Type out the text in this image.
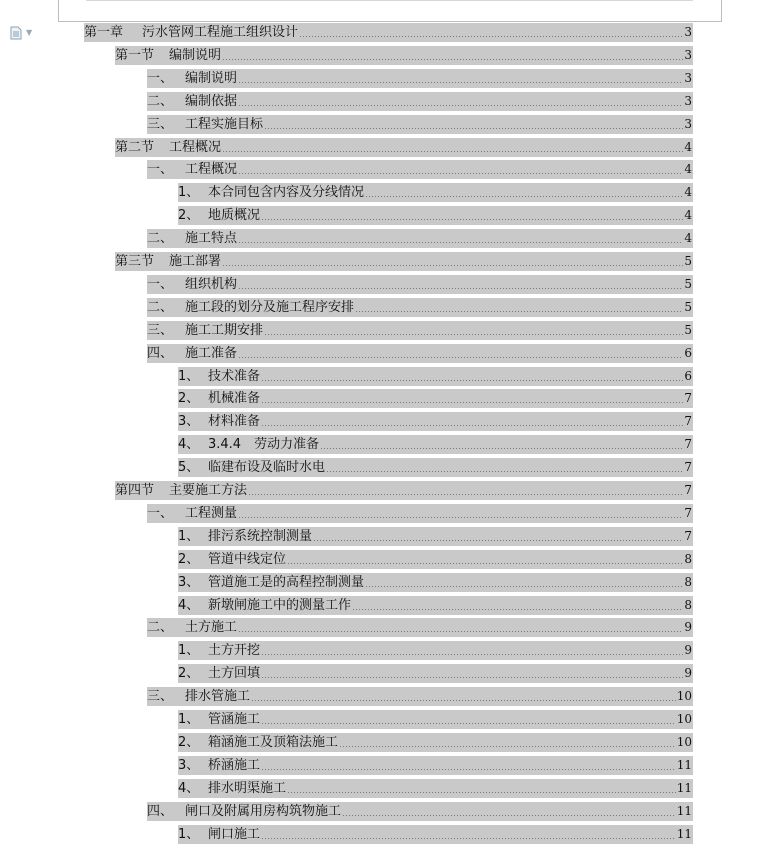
▼	第一章	污水管网工程施工组织设计	3
第一节	编制说明	3
一、 编制说明	3
二、 编制依据	3
三、 工程实施目标	3
第二节	工程概况	4
一、 工程概况	4
1、 本合同包含内容及分线情况	4
2、 地质概况	4
二、 施工特点	4
第三节	施工部署	5
一、 组织机构	5
二、 施工段的划分及施工程序安排	5
三、 施工工期安排	5
四、 施工准备	6
1、 技术准备	6
2、 机械准备	7
3、 材料准备	7
4、 3.4.4　劳动力准备	7
5、 临建布设及临时水电	7
第四节	主要施工方法	7
一、 工程测量	7
1、 排污系统控制测量	7
2、 管道中线定位	8
3、 管道施工是的高程控制测量	8
4、 新墩闸施工中的测量工作	8
二、 土方施工	9
1、 土方开挖	9
2、 土方回填	9
三、 排水管施工	10
1、 管涵施工	10
2、 箱涵施工及顶箱法施工	10
3、 桥涵施工	11
4、 排水明渠施工	11
四、 闸口及附属用房构筑物施工	11
1、 闸口施工	11
